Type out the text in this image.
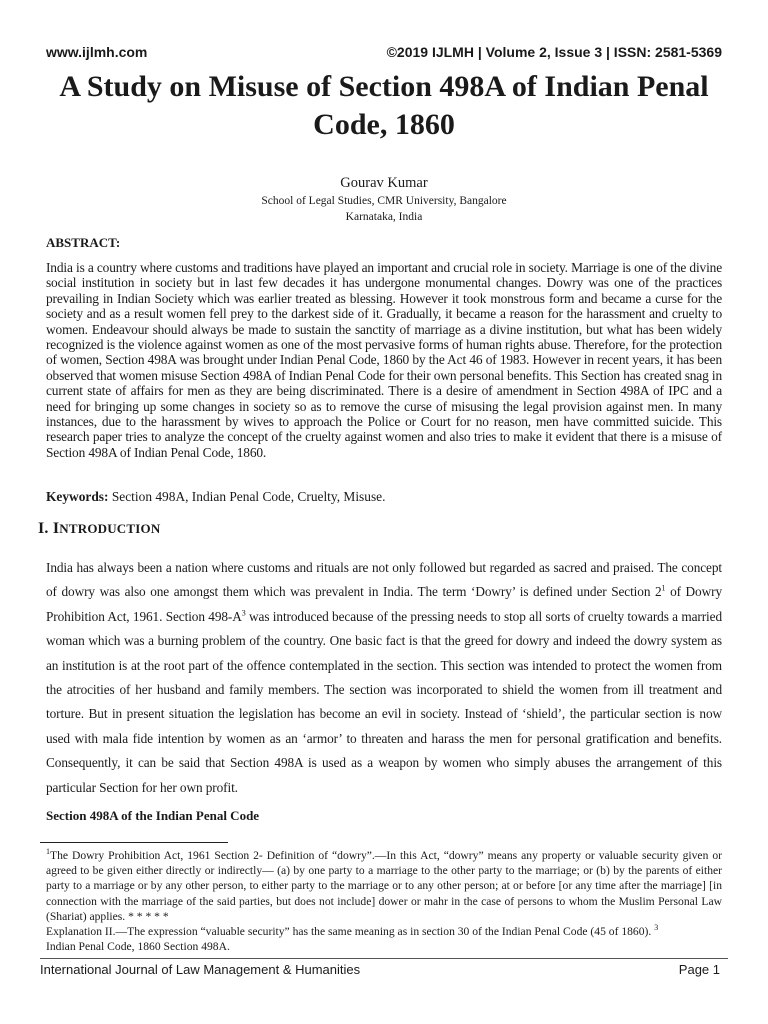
www.ijlmh.com	©2019 IJLMH | Volume 2, Issue 3 | ISSN: 2581-5369
A Study on Misuse of Section 498A of Indian Penal Code, 1860
Gourav Kumar
School of Legal Studies, CMR University, Bangalore
Karnataka, India
ABSTRACT:

India is a country where customs and traditions have played an important and crucial role in society. Marriage is one of the divine social institution in society but in last few decades it has undergone monumental changes. Dowry was one of the practices prevailing in Indian Society which was earlier treated as blessing. However it took monstrous form and became a curse for the society and as a result women fell prey to the darkest side of it. Gradually, it became a reason for the harassment and cruelty to women. Endeavour should always be made to sustain the sanctity of marriage as a divine institution, but what has been widely recognized is the violence against women as one of the most pervasive forms of human rights abuse. Therefore, for the protection of women, Section 498A was brought under Indian Penal Code, 1860 by the Act 46 of 1983. However in recent years, it has been observed that women misuse Section 498A of Indian Penal Code for their own personal benefits. This Section has created snag in current state of affairs for men as they are being discriminated. There is a desire of amendment in Section 498A of IPC and a need for bringing up some changes in society so as to remove the curse of misusing the legal provision against men. In many instances, due to the harassment by wives to approach the Police or Court for no reason, men have committed suicide. This research paper tries to analyze the concept of the cruelty against women and also tries to make it evident that there is a misuse of Section 498A of Indian Penal Code, 1860.

Keywords: Section 498A, Indian Penal Code, Cruelty, Misuse.
I. INTRODUCTION

India has always been a nation where customs and rituals are not only followed but regarded as sacred and praised. The concept of dowry was also one amongst them which was prevalent in India. The term ‘Dowry’ is defined under Section $2^1$ of Dowry Prohibition Act, 1961. Section $498-A^3$ was introduced because of the pressing needs to stop all sorts of cruelty towards a married woman which was a burning problem of the country. One basic fact is that the greed for dowry and indeed the dowry system as an institution is at the root part of the offence contemplated in the section. This section was intended to protect the women from the atrocities of her husband and family members. The section was incorporated to shield the women from ill treatment and torture. But in present situation the legislation has become an evil in society. Instead of ‘shield’, the particular section is now used with mala fide intention by women as an ‘armor’ to threaten and harass the men for personal gratification and benefits. Consequently, it can be said that Section 498A is used as a weapon by women who simply abuses the arrangement of this particular Section for her own profit.

Section 498A of the Indian Penal Code

$^1$The Dowry Prohibition Act, 1961 Section 2- Definition of “dowry”.—In this Act, “dowry” means any property or valuable security given or agreed to be given either directly or indirectly— (a) by one party to a marriage to the other party to the marriage; or (b) by the parents of either party to a marriage or by any other person, to either party to the marriage or to any other person; at or before [or any time after the marriage] [in connection with the marriage of the said parties, but does not include] dower or mahr in the case of persons to whom the Muslim Personal Law (Shariat) applies. * * * * *

Explanation II.—The expression “valuable security” has the same meaning as in section 30 of the Indian Penal Code (45 of 1860). $^3$

Indian Penal Code, 1860 Section 498A.

International Journal of Law Management & Humanities	Page 1
